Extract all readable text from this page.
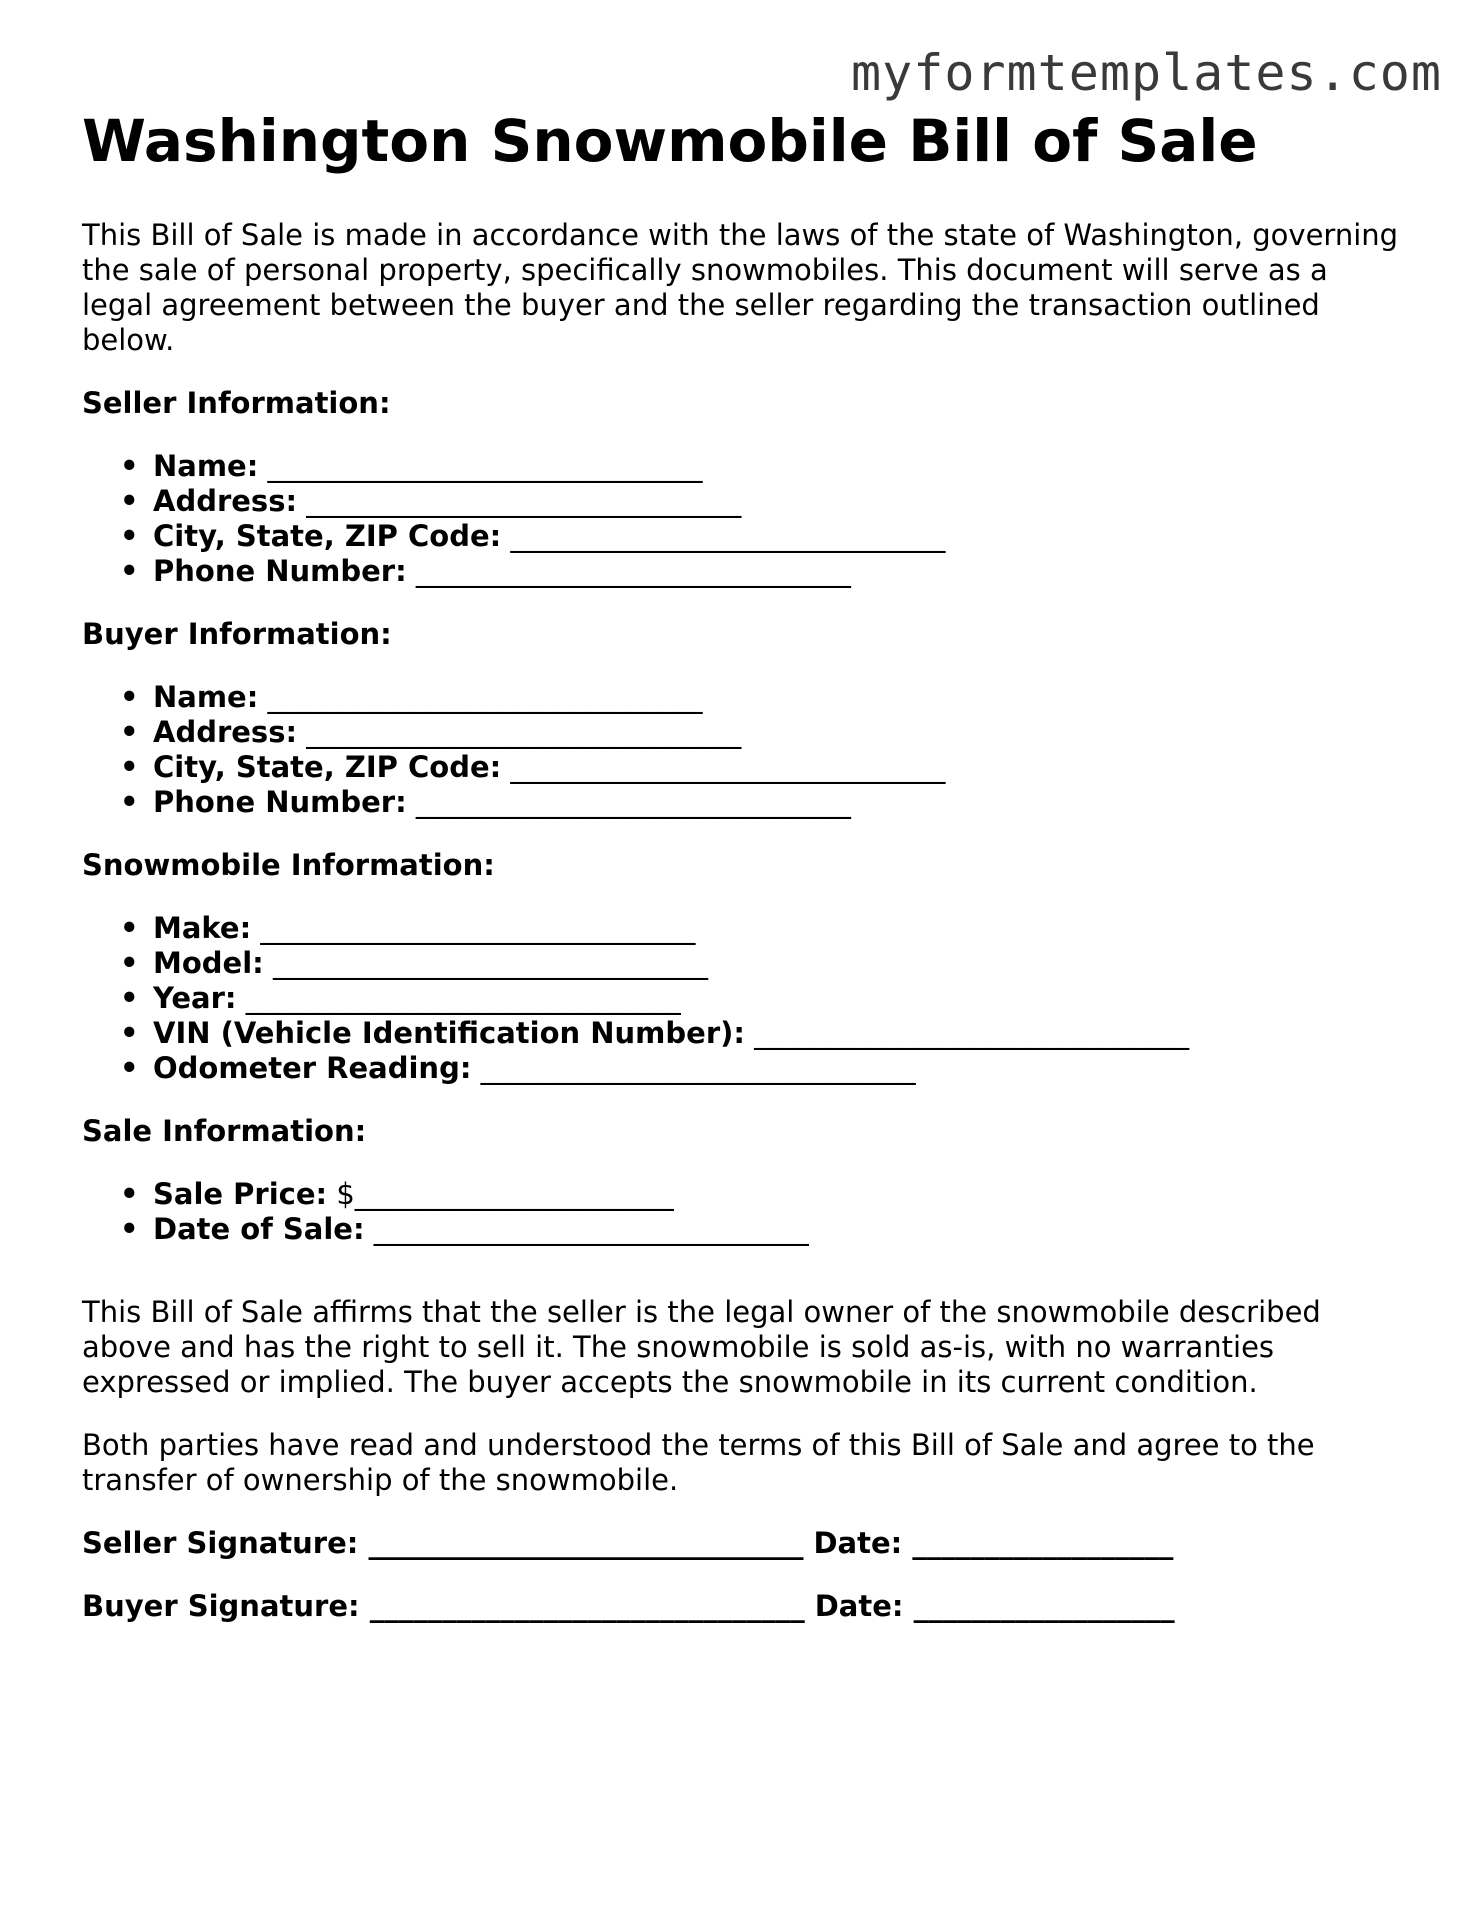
myformtemplates.com
Washington Snowmobile Bill of Sale

This Bill of Sale is made in accordance with the laws of the state of Washington, governing the sale of personal property, specifically snowmobiles. This document will serve as a legal agreement between the buyer and the seller regarding the transaction outlined below.

Seller Information:
• Name: ______________________________
• Address: ______________________________
• City, State, ZIP Code: ______________________________
• Phone Number: ______________________________
Buyer Information:
• Name: ______________________________
• Address: ______________________________
• City, State, ZIP Code: ______________________________
• Phone Number: ______________________________
Snowmobile Information:
• Make: ______________________________
• Model: ______________________________
• Year: ______________________________
• VIN (Vehicle Identification Number): ______________________________
• Odometer Reading: ______________________________
Sale Information:
• Sale Price: $______________________
• Date of Sale: ______________________________

This Bill of Sale affirms that the seller is the legal owner of the snowmobile described above and has the right to sell it. The snowmobile is sold as-is, with no warranties expressed or implied. The buyer accepts the snowmobile in its current condition.

Both parties have read and understood the terms of this Bill of Sale and agree to the transfer of ownership of the snowmobile.

Seller Signature: ______________________________ Date: __________________
Buyer Signature: ______________________________ Date: __________________
